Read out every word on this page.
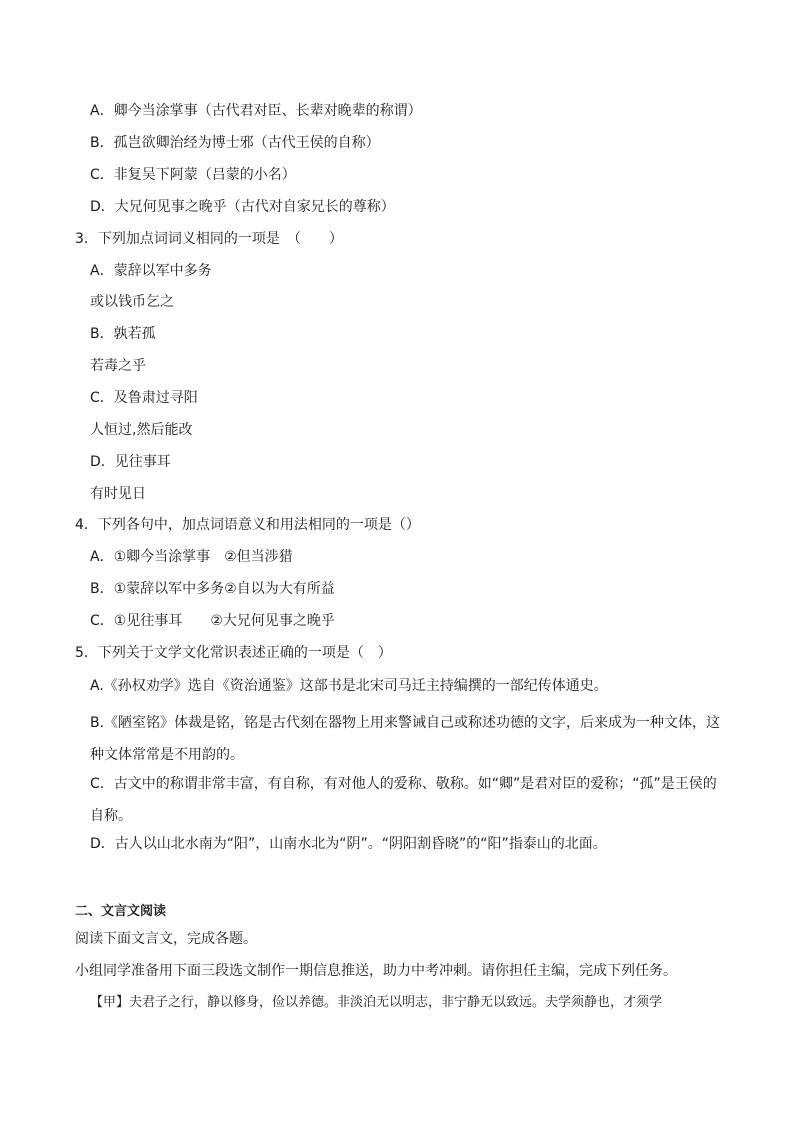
A．卿今当涂掌事（古代君对臣、长辈对晚辈的称谓）
B．孤岂欲卿治经为博士邪（古代王侯的自称）
C．非复吴下阿蒙（吕蒙的小名）
D．大兄何见事之晚乎（古代对自家兄长的尊称）
3．下列加点词词义相同的一项是　（　　）
A．蒙辞以军中多务
或以钱币乞之
B．孰若孤
若毒之乎
C．及鲁肃过寻阳
人恒过,然后能改
D．见往事耳
有时见日
4．下列各句中，加点词语意义和用法相同的一项是（）
A．①卿今当涂掌事　②但当涉猎
B．①蒙辞以军中多务②自以为大有所益
C．①见往事耳　　②大兄何见事之晚乎
5．下列关于文学文化常识表述正确的一项是（　）
A.《孙权劝学》选自《资治通鉴》这部书是北宋司马迁主持编撰的一部纪传体通史。
B.《陋室铭》体裁是铭，铭是古代刻在器物上用来警诫自己或称述功德的文字，后来成为一种文体，这种文体常常是不用韵的。
C．古文中的称谓非常丰富，有自称，有对他人的爱称、敬称。如“卿”是君对臣的爱称；“孤”是王侯的自称。
D．古人以山北水南为“阳”，山南水北为“阴”。“阴阳割昏晓”的“阳”指泰山的北面。
二、文言文阅读
阅读下面文言文，完成各题。
小组同学准备用下面三段选文制作一期信息推送，助力中考冲刺。请你担任主编，完成下列任务。
【甲】夫君子之行，静以修身，俭以养德。非淡泊无以明志，非宁静无以致远。夫学须静也，才须学
